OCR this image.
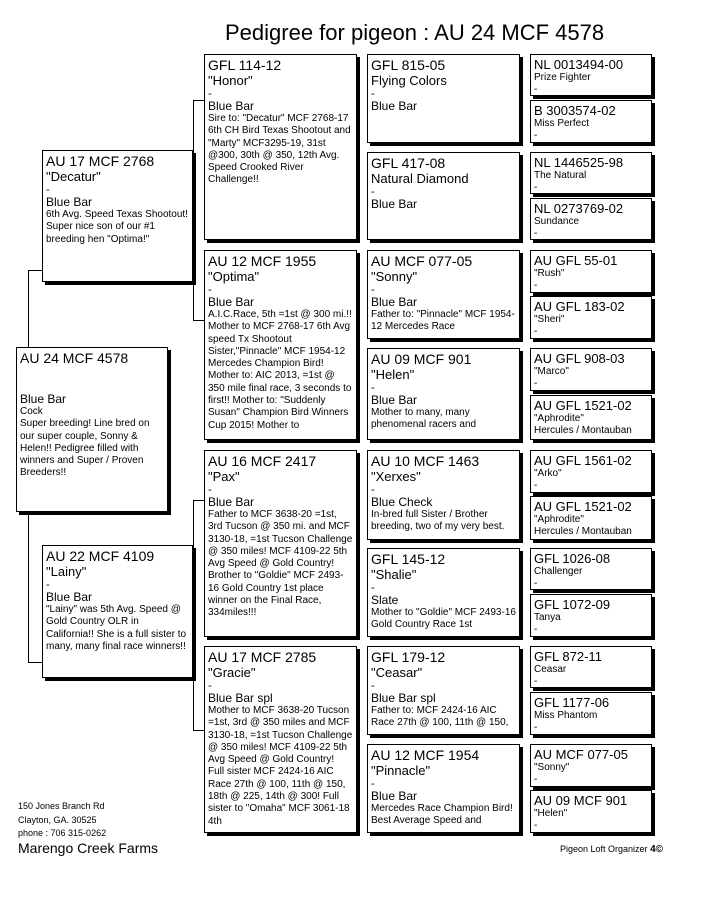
Pedigree for pigeon : AU 24 MCF 4578
AU 24 MCF 4578
Blue Bar
Cock
Super breeding! Line bred on our super couple, Sonny & Helen!! Pedigree filled with winners and Super / Proven Breeders!!
AU 17 MCF 2768
"Decatur"
-
Blue Bar
6th Avg. Speed Texas Shootout! Super nice son of our #1 breeding hen "Optima!"
AU 22 MCF 4109
"Lainy"
-
Blue Bar
"Lainy" was 5th Avg. Speed @ Gold Country OLR in California!! She is a full sister to many, many final race winners!!
GFL 114-12
"Honor"
-
Blue Bar
Sire to: "Decatur" MCF 2768-17 6th CH Bird Texas Shootout and "Marty" MCF3295-19, 31st @300, 30th @ 350, 12th Avg. Speed Crooked River Challenge!!
AU 12 MCF 1955
"Optima"
-
Blue Bar
A.I.C.Race, 5th =1st @ 300 mi.!! Mother to MCF 2768-17 6th Avg speed Tx Shootout Sister,"Pinnacle" MCF 1954-12 Mercedes Champion Bird! Mother to: AIC 2013, =1st @ 350 mile final race, 3 seconds to first!! Mother to: "Suddenly Susan" Champion Bird Winners Cup 2015! Mother to
AU 16 MCF 2417
"Pax"
-
Blue Bar
Father to MCF 3638-20 =1st, 3rd Tucson @ 350 mi. and MCF 3130-18, =1st Tucson Challenge @ 350 miles! MCF 4109-22 5th Avg Speed @ Gold Country! Brother to "Goldie" MCF 2493-16 Gold Country 1st place winner on the Final Race, 334miles!!!
AU 17 MCF 2785
"Gracie"
-
Blue Bar spl
Mother to MCF 3638-20 Tucson =1st, 3rd @ 350 miles and MCF 3130-18, =1st Tucson Challenge @ 350 miles! MCF 4109-22 5th Avg Speed @ Gold Country! Full sister MCF 2424-16 AIC Race 27th @ 100, 11th @ 150, 18th @ 225, 14th @ 300! Full sister to "Omaha" MCF 3061-18 4th
GFL 815-05
Flying Colors
-
Blue Bar
GFL 417-08
Natural Diamond
-
Blue Bar
AU MCF 077-05
"Sonny"
-
Blue Bar
Father to: "Pinnacle" MCF 1954-12 Mercedes Race
AU 09 MCF 901
"Helen"
-
Blue Bar
Mother to many, many phenomenal racers and
AU 10 MCF 1463
"Xerxes"
-
Blue Check
In-bred full Sister / Brother breeding, two of my very best.
GFL 145-12
"Shalie"
-
Slate
Mother to "Goldie" MCF 2493-16 Gold Country Race 1st
GFL 179-12
"Ceasar"
-
Blue Bar spl
Father to: MCF 2424-16 AIC Race 27th @ 100, 11th @ 150,
AU 12 MCF 1954
"Pinnacle"
-
Blue Bar
Mercedes Race Champion Bird! Best Average Speed and
NL 0013494-00
Prize Fighter
-
B 3003574-02
Miss Perfect
-
NL 1446525-98
The Natural
-
NL 0273769-02
Sundance
-
AU GFL 55-01
"Rush"
-
AU GFL 183-02
"Sheri"
-
AU GFL 908-03
"Marco"
-
AU GFL 1521-02
"Aphrodite"
Hercules / Montauban
AU GFL 1561-02
"Arko"
-
AU GFL 1521-02
"Aphrodite"
Hercules / Montauban
GFL 1026-08
Challenger
-
GFL 1072-09
Tanya
-
GFL 872-11
Ceasar
-
GFL 1177-06
Miss Phantom
-
AU MCF 077-05
"Sonny"
-
AU 09 MCF 901
"Helen"
-
150 Jones Branch Rd
Clayton, GA. 30525
phone : 706 315-0262
Marengo Creek Farms	Pigeon Loft Organizer 4©
